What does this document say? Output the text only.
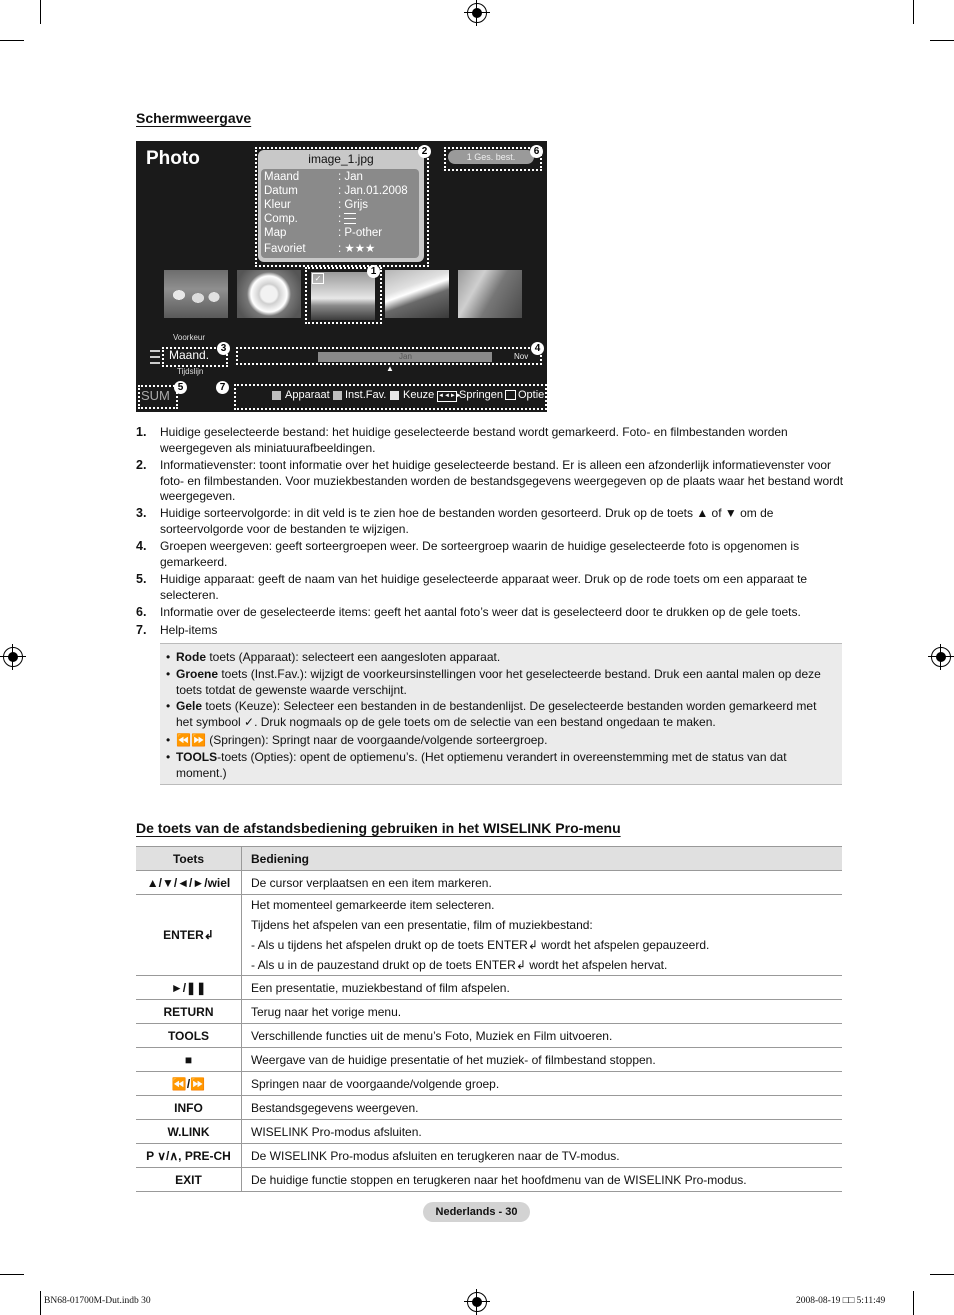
Schermweergave
Photo	image_1.jpg
Maand	: Jan
Datum	: Jan.01.2008
Kleur	: Grijs
Comp.	:
Map	: P-other
Favoriet	: ★★★
2	1 Ges. best.	6
1
✓
Voorkeur
Maand.	3
Tijdslijn
Jan	Nov
4
▲
SUM
5
Apparaat Inst.Fav. Keuze ◄◄►►
Springen Optie
7
1. Huidige geselecteerde bestand: het huidige geselecteerde bestand wordt gemarkeerd. Foto- en filmbestanden worden weergegeven als miniatuurafbeeldingen.
2. Informatievenster: toont informatie over het huidige geselecteerde bestand. Er is alleen een afzonderlijk informatievenster voor foto- en filmbestanden. Voor muziekbestanden worden de bestandsgegevens weergegeven op de plaats waar het bestand wordt weergegeven.
3. Huidige sorteervolgorde: in dit veld is te zien hoe de bestanden worden gesorteerd. Druk op de toets ▲ of ▼ om de sorteervolgorde voor de bestanden te wijzigen.
4. Groepen weergeven: geeft sorteergroepen weer. De sorteergroep waarin de huidige geselecteerde foto is opgenomen is gemarkeerd.
5. Huidige apparaat: geeft de naam van het huidige geselecteerde apparaat weer. Druk op de rode toets om een apparaat te selecteren.
6. Informatie over de geselecteerde items: geeft het aantal foto’s weer dat is geselecteerd door te drukken op de gele toets.
7. Help-items
• Rode toets (Apparaat): selecteert een aangesloten apparaat.
• Groene toets (Inst.Fav.): wijzigt de voorkeursinstellingen voor het geselecteerde bestand. Druk een aantal malen op deze toets totdat de gewenste waarde verschijnt.
• Gele toets (Keuze): Selecteer een bestanden in de bestandenlijst. De geselecteerde bestanden worden gemarkeerd met het symbool ✓. Druk nogmaals op de gele toets om de selectie van een bestand ongedaan te maken.
• ⏪⏩ (Springen): Springt naar de voorgaande/volgende sorteergroep.
• TOOLS-toets (Opties): opent de optiemenu’s. (Het optiemenu verandert in overeenstemming met de status van dat moment.)
De toets van de afstandsbediening gebruiken in het WISELINK Pro-menu
Toets	Bediening
▲/▼/◄/►/wiel	De cursor verplaatsen en een item markeren.
ENTER↲	Het momenteel gemarkeerde item selecteren.
Tijdens het afspelen van een presentatie, film of muziekbestand:
- Als u tijdens het afspelen drukt op de toets ENTER↲ wordt het afspelen gepauzeerd.
- Als u in de pauzestand drukt op de toets ENTER↲ wordt het afspelen hervat.

►/❚❚	Een presentatie, muziekbestand of film afspelen.
RETURN	Terug naar het vorige menu.
TOOLS	Verschillende functies uit de menu’s Foto, Muziek en Film uitvoeren.
■	Weergave van de huidige presentatie of het muziek- of filmbestand stoppen.
⏪/⏩	Springen naar de voorgaande/volgende groep.
INFO	Bestandsgegevens weergeven.
W.LINK	WISELINK Pro-modus afsluiten.
P ∨/∧, PRE-CH	De WISELINK Pro-modus afsluiten en terugkeren naar de TV-modus.
EXIT	De huidige functie stoppen en terugkeren naar het hoofdmenu van de WISELINK Pro-modus.
Nederlands - 30
BN68-01700M-Dut.indb 30	2008-08-19 □□ 5:11:49
